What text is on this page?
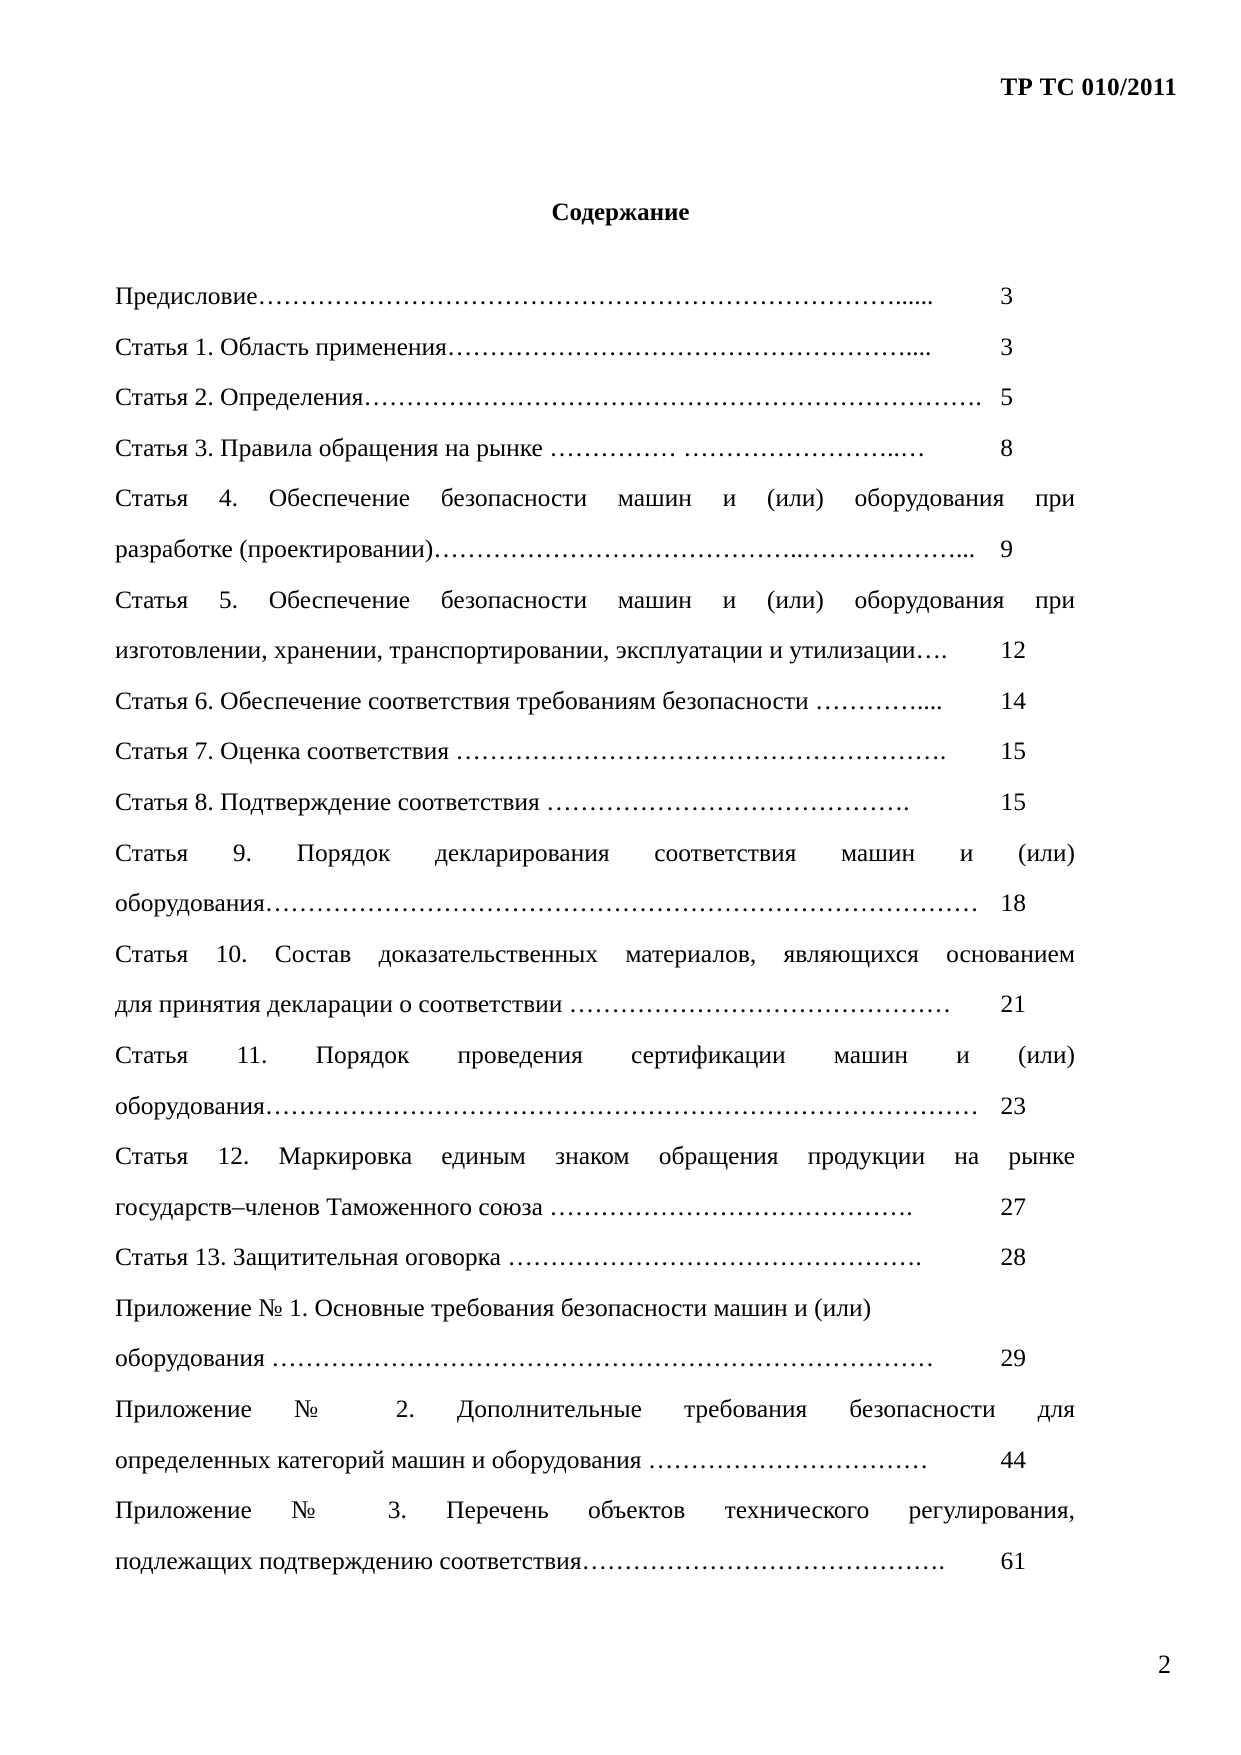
ТР ТС 010/2011
Содержание
Предисловие…………………………………………………………………......	3
Статья 1. Область применения………………………………………………....	3
Статья 2. Определения………………………………………………………………. 5
Статья 3. Правила обращения на рынке …………… ……………………..…	8
Статья 4. Обеспечение безопасности машин и (или) оборудования при
разработке (проектировании)……………………………………..………………... 9
Статья 5. Обеспечение безопасности машин и (или) оборудования при
изготовлении, хранении, транспортировании, эксплуатации и утилизации….	12
Статья 6. Обеспечение соответствия требованиям безопасности …………....	14
Статья 7. Оценка соответствия ………………………………………………….	15
Статья 8. Подтверждение соответствия …………………………………….	15
Статья 9. Порядок декларирования соответствия машин и (или)
оборудования………………………………………………………………………… 18
Статья 10. Состав доказательственных материалов, являющихся основанием
для принятия декларации о соответствии ………………………………………	21
Статья 11. Порядок проведения сертификации машин и (или)
оборудования………………………………………………………………………… 23
Статья 12. Маркировка единым знаком обращения продукции на рынке
государств–членов Таможенного союза …………………………………….	27
Статья 13. Защитительная оговорка ………………………………………….	28
Приложение № 1. Основные требования безопасности машин и (или)
оборудования ……………………………………………………………………	29
Приложение № 2. Дополнительные требования безопасности для
определенных категорий машин и оборудования ……………………………	44
Приложение № 3. Перечень объектов технического регулирования,
подлежащих подтверждению соответствия…………………………………….	61
2
